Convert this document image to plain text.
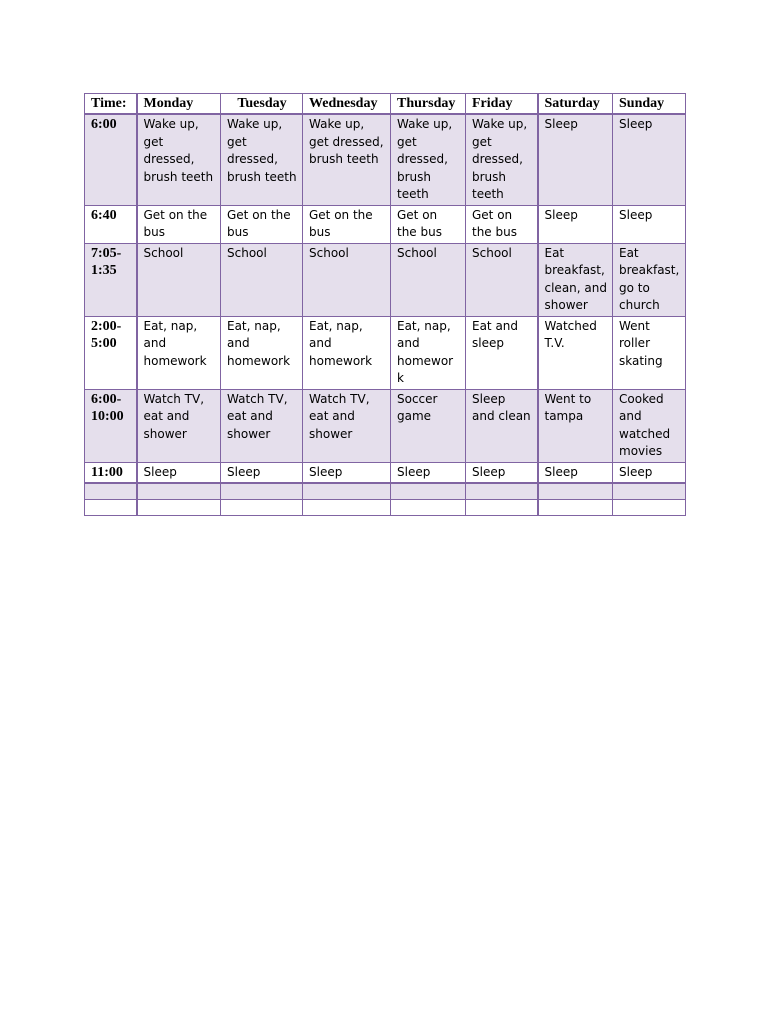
Time:	Monday	Tuesday	Wednesday	Thursday	Friday	Saturday	Sunday
6:00	Wake up, get dressed, brush teeth	Wake up, get dressed, brush teeth	Wake up, get dressed, brush teeth	Wake up, get dressed, brush teeth	Wake up, get dressed, brush teeth	Sleep	Sleep
6:40	Get on the bus	Get on the bus	Get on the bus	Get on the bus	Get on the bus	Sleep	Sleep
7:05-1:35	School	School	School	School	School	Eat breakfast, clean, and shower	Eat breakfast, go to church
2:00-5:00	Eat, nap, and homework	Eat, nap, and homework	Eat, nap, and homework	Eat, nap, and homework	Eat and sleep	Watched T.V.	Went roller skating
6:00-10:00	Watch TV, eat and shower	Watch TV, eat and shower	Watch TV, eat and shower	Soccer game	Sleep and clean	Went to tampa	Cooked and watched movies
11:00	Sleep	Sleep	Sleep	Sleep	Sleep	Sleep	Sleep
